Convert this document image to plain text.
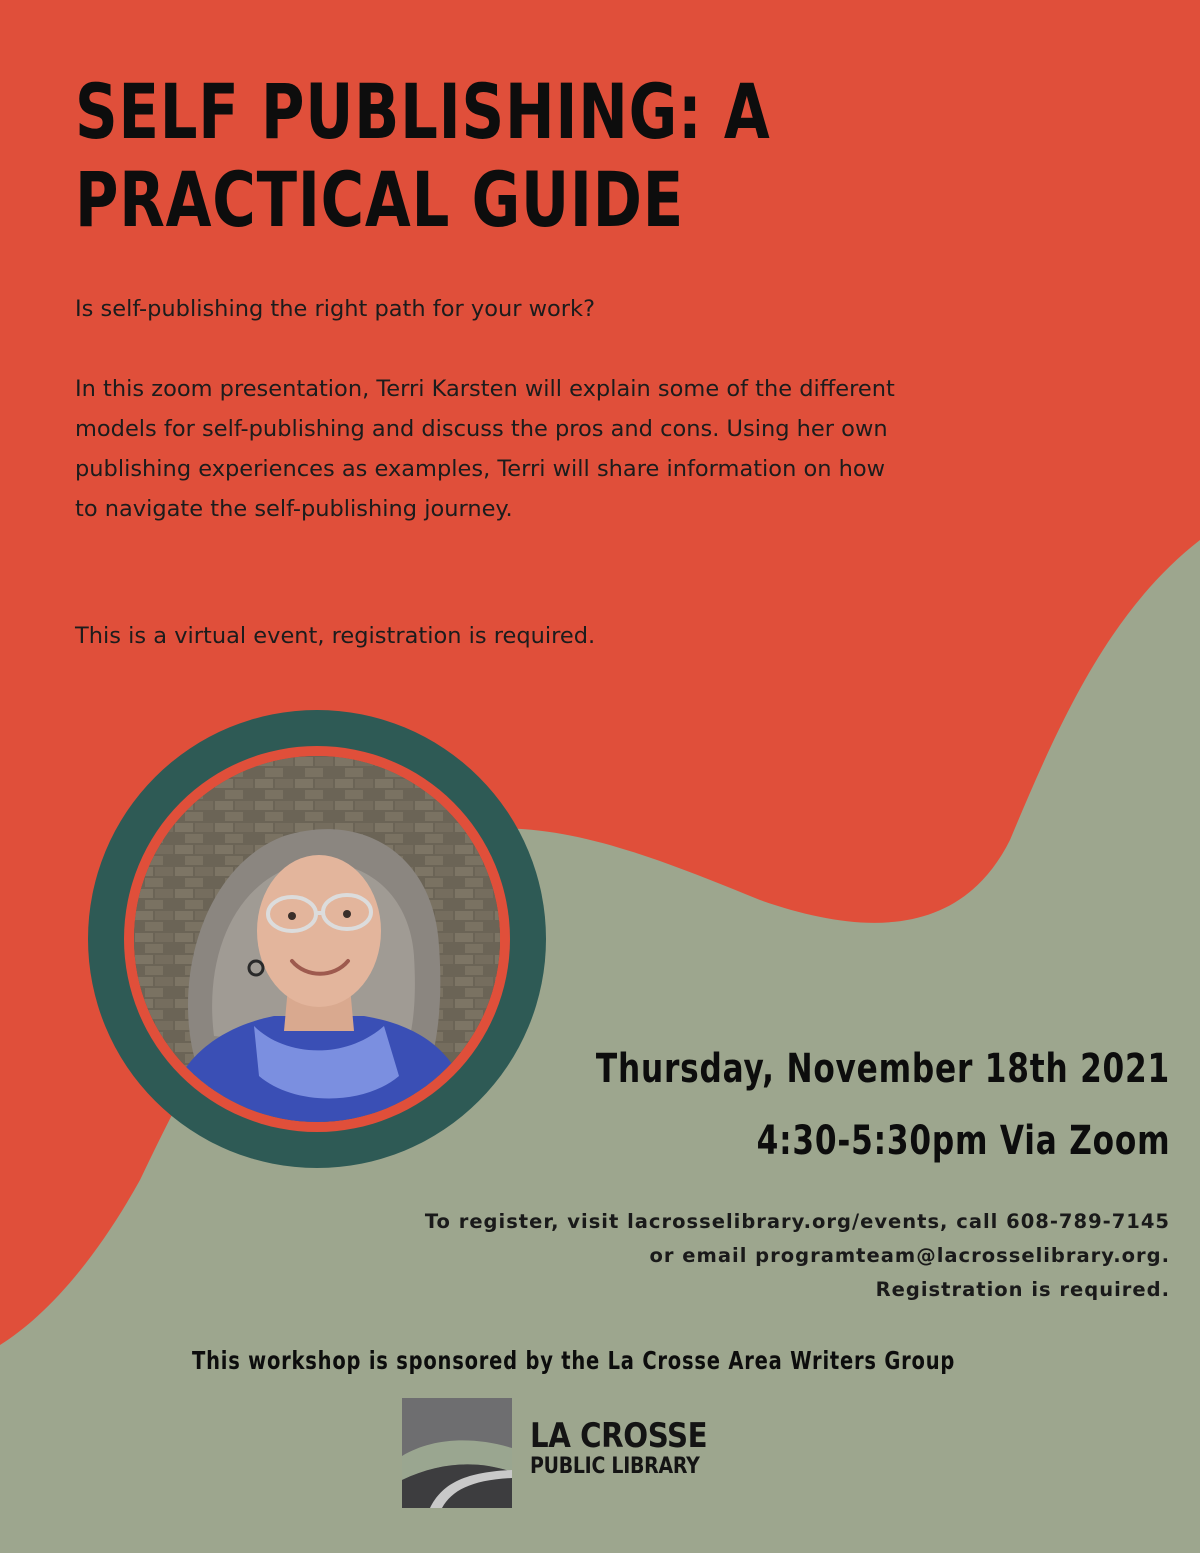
SELF PUBLISHING: A
PRACTICAL GUIDE

Is self-publishing the right path for your work?

In this zoom presentation, Terri Karsten will explain some of the different models for self-publishing and discuss the pros and cons. Using her own publishing experiences as examples, Terri will share information on how to navigate the self-publishing journey.

This is a virtual event, registration is required.

Thursday, November 18th 2021

4:30-5:30pm Via Zoom

To register, visit lacrosselibrary.org/events, call 608-789-7145
or email programteam@lacrosselibrary.org.
Registration is required.

This workshop is sponsored by the La Crosse Area Writers Group

LA CROSSE
PUBLIC LIBRARY
